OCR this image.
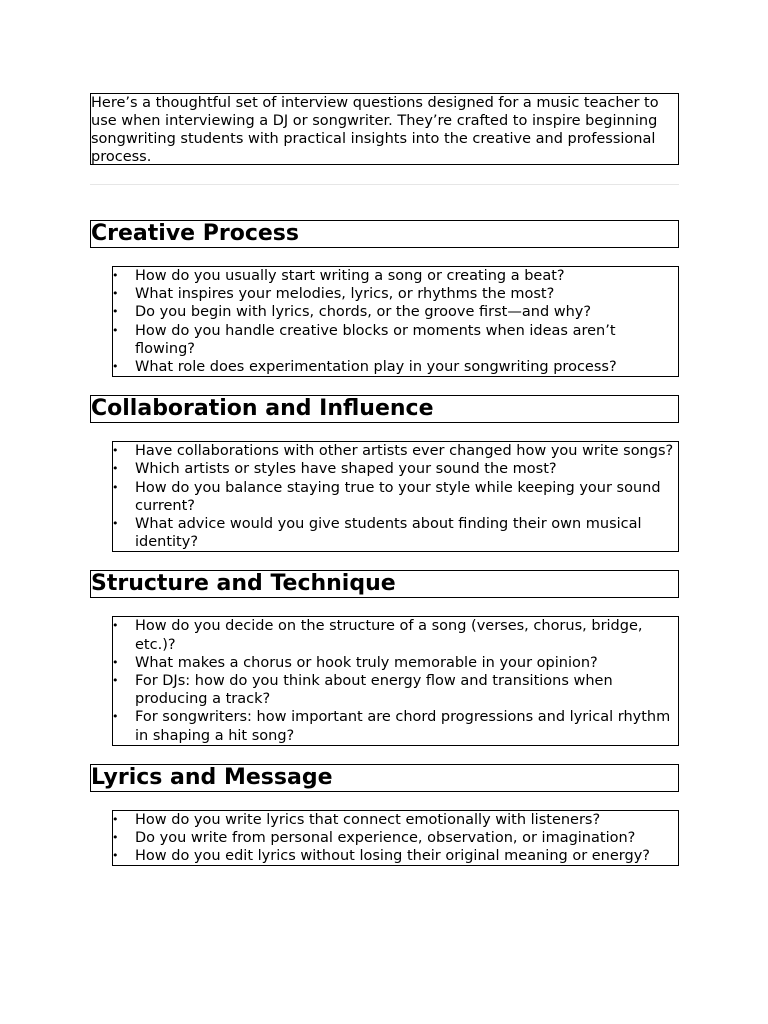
Here’s a thoughtful set of interview questions designed for a music teacher to use when interviewing a DJ or songwriter. They’re crafted to inspire beginning songwriting students with practical insights into the creative and professional process.

Creative Process
• How do you usually start writing a song or creating a beat?
• What inspires your melodies, lyrics, or rhythms the most?
• Do you begin with lyrics, chords, or the groove first—and why?
• How do you handle creative blocks or moments when ideas aren’t flowing?
• What role does experimentation play in your songwriting process?
Collaboration and Influence
• Have collaborations with other artists ever changed how you write songs?
• Which artists or styles have shaped your sound the most?
• How do you balance staying true to your style while keeping your sound current?
• What advice would you give students about finding their own musical identity?
Structure and Technique
• How do you decide on the structure of a song (verses, chorus, bridge, etc.)?
• What makes a chorus or hook truly memorable in your opinion?
• For DJs: how do you think about energy flow and transitions when producing a track?
• For songwriters: how important are chord progressions and lyrical rhythm in shaping a hit song?
Lyrics and Message
• How do you write lyrics that connect emotionally with listeners?
• Do you write from personal experience, observation, or imagination?
• How do you edit lyrics without losing their original meaning or energy?
